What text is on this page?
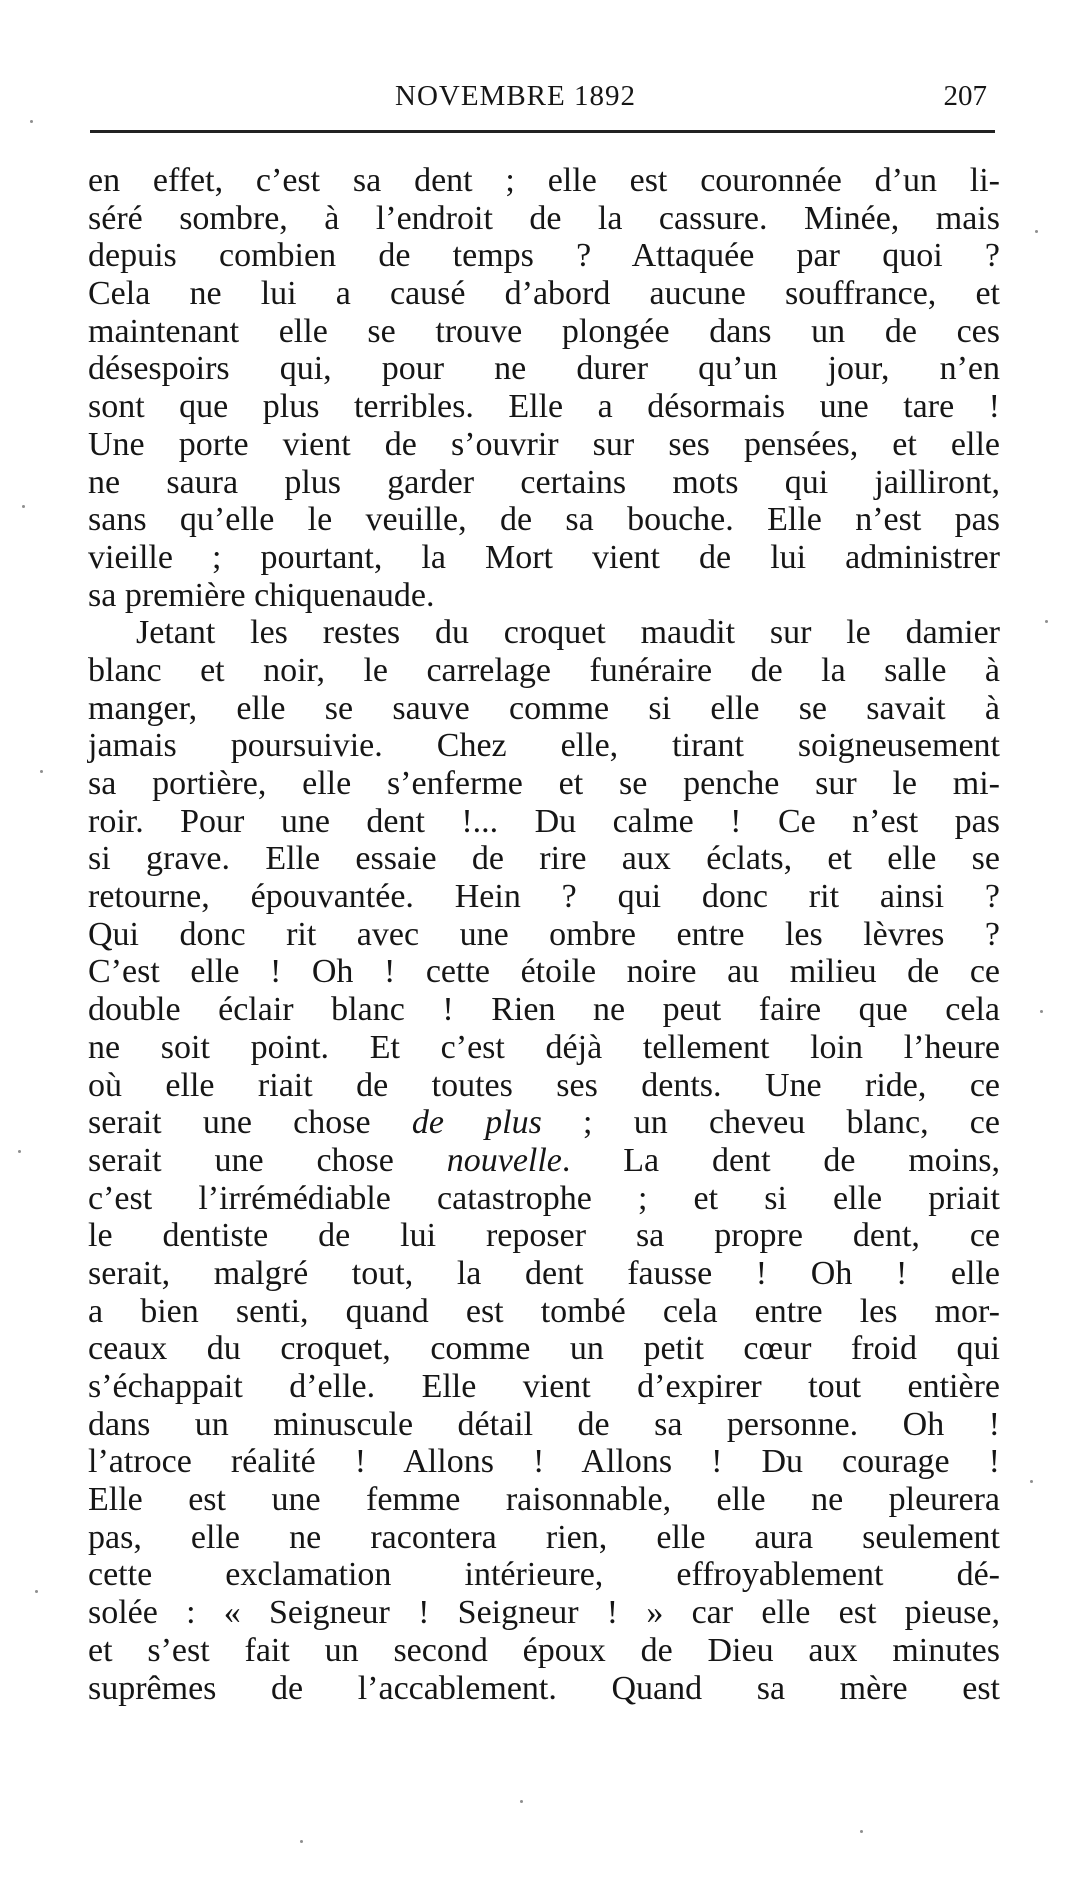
NOVEMBRE 1892	207
en effet, c’est sa dent ; elle est couronnée d’un li-
séré sombre, à l’endroit de la cassure. Minée, mais
depuis combien de temps ? Attaquée par quoi ?
Cela ne lui a causé d’abord aucune souffrance, et
maintenant elle se trouve plongée dans un de ces
désespoirs qui, pour ne durer qu’un jour, n’en
sont que plus terribles. Elle a désormais une tare !
Une porte vient de s’ouvrir sur ses pensées, et elle
ne saura plus garder certains mots qui jailliront,
sans qu’elle le veuille, de sa bouche. Elle n’est pas
vieille ; pourtant, la Mort vient de lui administrer
sa première chiquenaude.
Jetant les restes du croquet maudit sur le damier
blanc et noir, le carrelage funéraire de la salle à
manger, elle se sauve comme si elle se savait à
jamais poursuivie. Chez elle, tirant soigneusement
sa portière, elle s’enferme et se penche sur le mi-
roir. Pour une dent !... Du calme ! Ce n’est pas
si grave. Elle essaie de rire aux éclats, et elle se
retourne, épouvantée. Hein ? qui donc rit ainsi ?
Qui donc rit avec une ombre entre les lèvres ?
C’est elle ! Oh ! cette étoile noire au milieu de ce
double éclair blanc ! Rien ne peut faire que cela
ne soit point. Et c’est déjà tellement loin l’heure
où elle riait de toutes ses dents. Une ride, ce
serait une chose de plus ; un cheveu blanc, ce
serait une chose nouvelle. La dent de moins,
c’est l’irrémédiable catastrophe ; et si elle priait
le dentiste de lui reposer sa propre dent, ce
serait, malgré tout, la dent fausse ! Oh ! elle
a bien senti, quand est tombé cela entre les mor-
ceaux du croquet, comme un petit cœur froid qui
s’échappait d’elle. Elle vient d’expirer tout entière
dans un minuscule détail de sa personne. Oh !
l’atroce réalité ! Allons ! Allons ! Du courage !
Elle est une femme raisonnable, elle ne pleurera
pas, elle ne racontera rien, elle aura seulement
cette exclamation intérieure, effroyablement dé-
solée : « Seigneur ! Seigneur ! » car elle est pieuse,
et s’est fait un second époux de Dieu aux minutes
suprêmes de l’accablement. Quand sa mère est
